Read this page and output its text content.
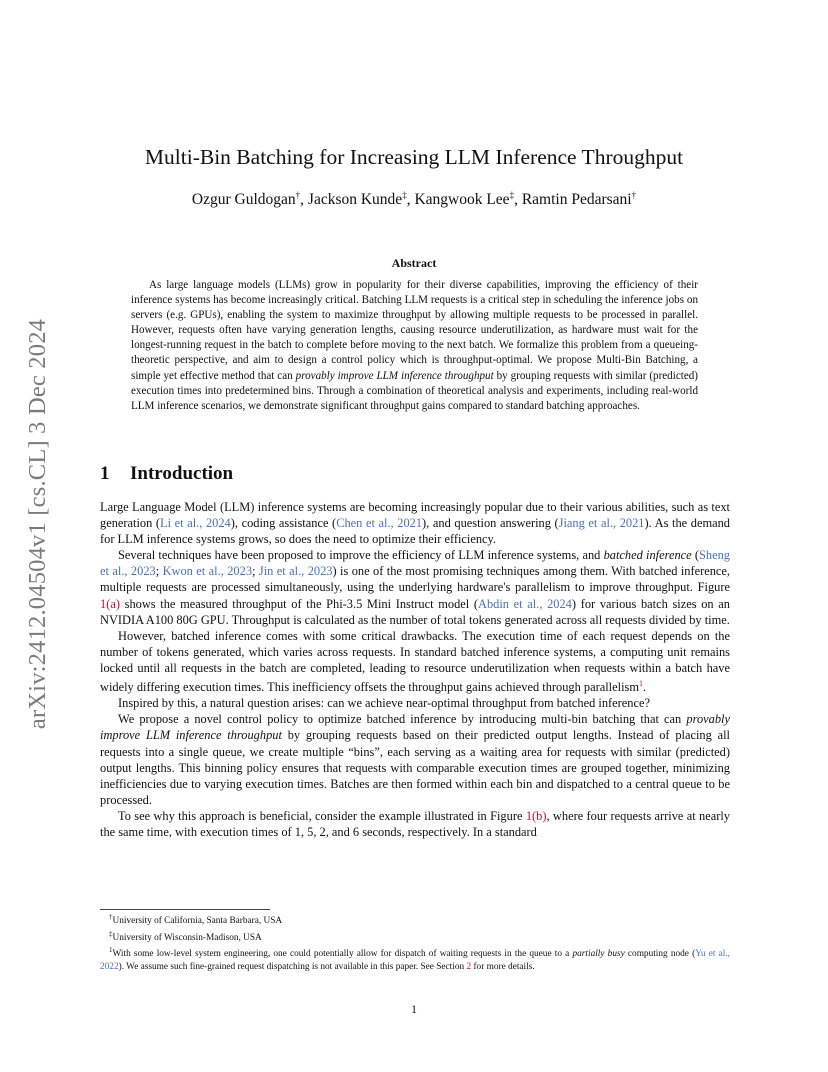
arXiv:2412.04504v1 [cs.CL] 3 Dec 2024
Multi-Bin Batching for Increasing LLM Inference Throughput
Ozgur Guldogan†, Jackson Kunde‡, Kangwook Lee‡, Ramtin Pedarsani†
Abstract
As large language models (LLMs) grow in popularity for their diverse capabilities, improving the efficiency of their inference systems has become increasingly critical. Batching LLM requests is a critical step in scheduling the inference jobs on servers (e.g. GPUs), enabling the system to maximize throughput by allowing multiple requests to be processed in parallel. However, requests often have varying generation lengths, causing resource underutilization, as hardware must wait for the longest-running request in the batch to complete before moving to the next batch. We formalize this problem from a queueing-theoretic perspective, and aim to design a control policy which is throughput-optimal. We propose Multi-Bin Batching, a simple yet effective method that can provably improve LLM inference throughput by grouping requests with similar (predicted) execution times into predetermined bins. Through a combination of theoretical analysis and experiments, including real-world LLM inference scenarios, we demonstrate significant throughput gains compared to standard batching approaches.
1 Introduction

Large Language Model (LLM) inference systems are becoming increasingly popular due to their various abilities, such as text generation (Li et al., 2024), coding assistance (Chen et al., 2021), and question answering (Jiang et al., 2021). As the demand for LLM inference systems grows, so does the need to optimize their efficiency.

Several techniques have been proposed to improve the efficiency of LLM inference systems, and batched inference (Sheng et al., 2023; Kwon et al., 2023; Jin et al., 2023) is one of the most promising techniques among them. With batched inference, multiple requests are processed simultaneously, using the underlying hardware's parallelism to improve throughput. Figure 1(a) shows the measured throughput of the Phi-3.5 Mini Instruct model (Abdin et al., 2024) for various batch sizes on an NVIDIA A100 80G GPU. Throughput is calculated as the number of total tokens generated across all requests divided by time.

However, batched inference comes with some critical drawbacks. The execution time of each request depends on the number of tokens generated, which varies across requests. In standard batched inference systems, a computing unit remains locked until all requests in the batch are completed, leading to resource underutilization when requests within a batch have widely differing execution times. This inefficiency offsets the throughput gains achieved through parallelism$^1$.

Inspired by this, a natural question arises: can we achieve near-optimal throughput from batched inference?

We propose a novel control policy to optimize batched inference by introducing multi-bin batching that can provably improve LLM inference throughput by grouping requests based on their predicted output lengths. Instead of placing all requests into a single queue, we create multiple “bins”, each serving as a waiting area for requests with similar (predicted) output lengths. This binning policy ensures that requests with comparable execution times are grouped together, minimizing inefficiencies due to varying execution times. Batches are then formed within each bin and dispatched to a central queue to be processed.

To see why this approach is beneficial, consider the example illustrated in Figure 1(b), where four requests arrive at nearly the same time, with execution times of 1, 5, 2, and 6 seconds, respectively. In a standard

†University of California, Santa Barbara, USA

‡University of Wisconsin-Madison, USA

$^1$With some low-level system engineering, one could potentially allow for dispatch of waiting requests in the queue to a partially busy computing node (Yu et al., 2022). We assume such fine-grained request dispatching is not available in this paper. See Section 2 for more details.

1
